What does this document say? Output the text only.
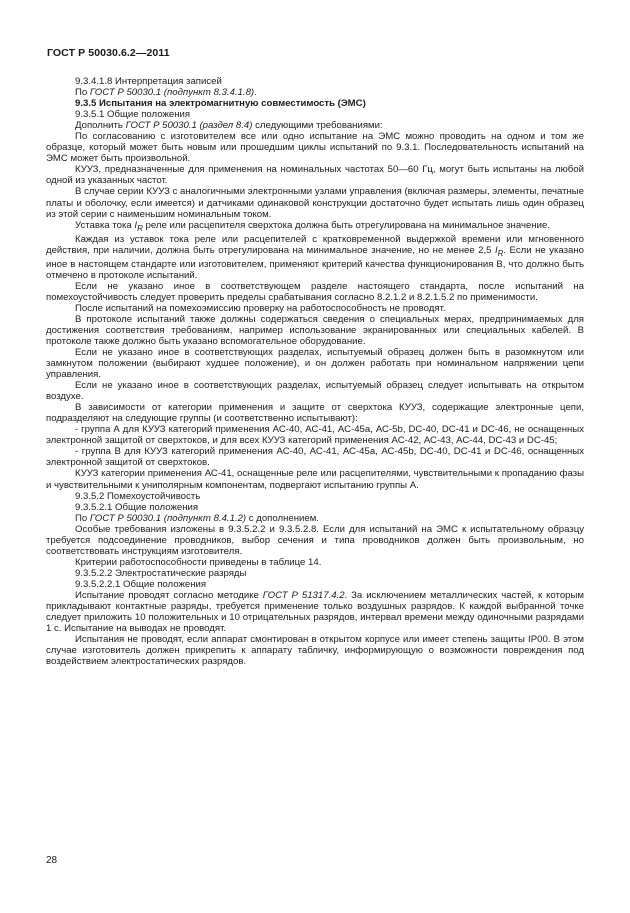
ГОСТ Р 50030.6.2—2011

9.3.4.1.8 Интерпретация записей

По ГОСТ Р 50030.1 (подпункт 8.3.4.1.8).

9.3.5 Испытания на электромагнитную совместимость (ЭМС)

9.3.5.1 Общие положения

Дополнить ГОСТ Р 50030.1 (раздел 8.4) следующими требованиями:

По согласованию с изготовителем все или одно испытание на ЭМС можно проводить на одном и том же образце, который может быть новым или прошедшим циклы испытаний по 9.3.1. Последовательность испытаний на ЭМС может быть произвольной.

КУУЗ, предназначенные для применения на номинальных частотах 50—60 Гц, могут быть испытаны на любой одной из указанных частот.

В случае серии КУУЗ с аналогичными электронными узлами управления (включая размеры, элементы, печатные платы и оболочку, если имеется) и датчиками одинаковой конструкции достаточно будет испытать лишь один образец из этой серии с наименьшим номинальным током.

Уставка тока $I_R$ реле или расцепителя сверхтока должна быть отрегулирована на минимальное значение.

Каждая из уставок тока реле или расцепителей с кратковременной выдержкой времени или мгновенного действия, при наличии, должна быть отрегулирована на минимальное значение, но не менее 2,5 $I_R$. Если не указано иное в настоящем стандарте или изготовителем, применяют критерий качества функционирования В, что должно быть отмечено в протоколе испытаний.

Если не указано иное в соответствующем разделе настоящего стандарта, после испытаний на помехоустойчивость следует проверить пределы срабатывания согласно 8.2.1.2 и 8.2.1.5.2 по применимости.

После испытаний на помехоэмиссию проверку на работоспособность не проводят.

В протоколе испытаний также должны содержаться сведения о специальных мерах, предпринимаемых для достижения соответствия требованиям, например использование экранированных или специальных кабелей. В протоколе также должно быть указано вспомогательное оборудование.

Если не указано иное в соответствующих разделах, испытуемый образец должен быть в разомкнутом или замкнутом положении (выбирают худшее положение), и он должен работать при номинальном напряжении цепи управления.

Если не указано иное в соответствующих разделах, испытуемый образец следует испытывать на открытом воздухе.

В зависимости от категории применения и защите от сверхтока КУУЗ, содержащие электронные цепи, подразделяют на следующие группы (и соответственно испытывают):

- группа А для КУУЗ категорий применения АС-40, АС-41, АС-45а, АС-5b, DC-40, DC-41 и DC-46, не оснащенных электронной защитой от сверхтоков, и для всех КУУЗ категорий применения АС-42, АС-43, АС-44, DC-43 и DC-45;

- группа В для КУУЗ категорий применения АС-40, АС-41, АС-45а, АС-45b, DC-40, DC-41 и DC-46, оснащенных электронной защитой от сверхтоков.

КУУЗ категории применения АС-41, оснащенные реле или расцепителями, чувствительными к пропаданию фазы и чувствительными к униполярным компонентам, подвергают испытанию группы А.

9.3.5.2 Помехоустойчивость

9.3.5.2.1 Общие положения

По ГОСТ Р 50030.1 (подпункт 8.4.1.2) с дополнением.

Особые требования изложены в 9.3.5.2.2 и 9.3.5.2.8. Если для испытаний на ЭМС к испытательному образцу требуется подсоединение проводников, выбор сечения и типа проводников должен быть произвольным, но соответствовать инструкциям изготовителя.

Критерии работоспособности приведены в таблице 14.

9.3.5.2.2 Электростатические разряды

9.3.5.2.2.1 Общие положения

Испытание проводят согласно методике ГОСТ Р 51317.4.2. За исключением металлических частей, к которым прикладывают контактные разряды, требуется применение только воздушных разрядов. К каждой выбранной точке следует приложить 10 положительных и 10 отрицательных разрядов, интервал времени между одиночными разрядами 1 с. Испытание на выводах не проводят.

Испытания не проводят, если аппарат смонтирован в открытом корпусе или имеет степень защиты IP00. В этом случае изготовитель должен прикрепить к аппарату табличку, информирующую о возможности повреждения под воздействием электростатических разрядов.

28
